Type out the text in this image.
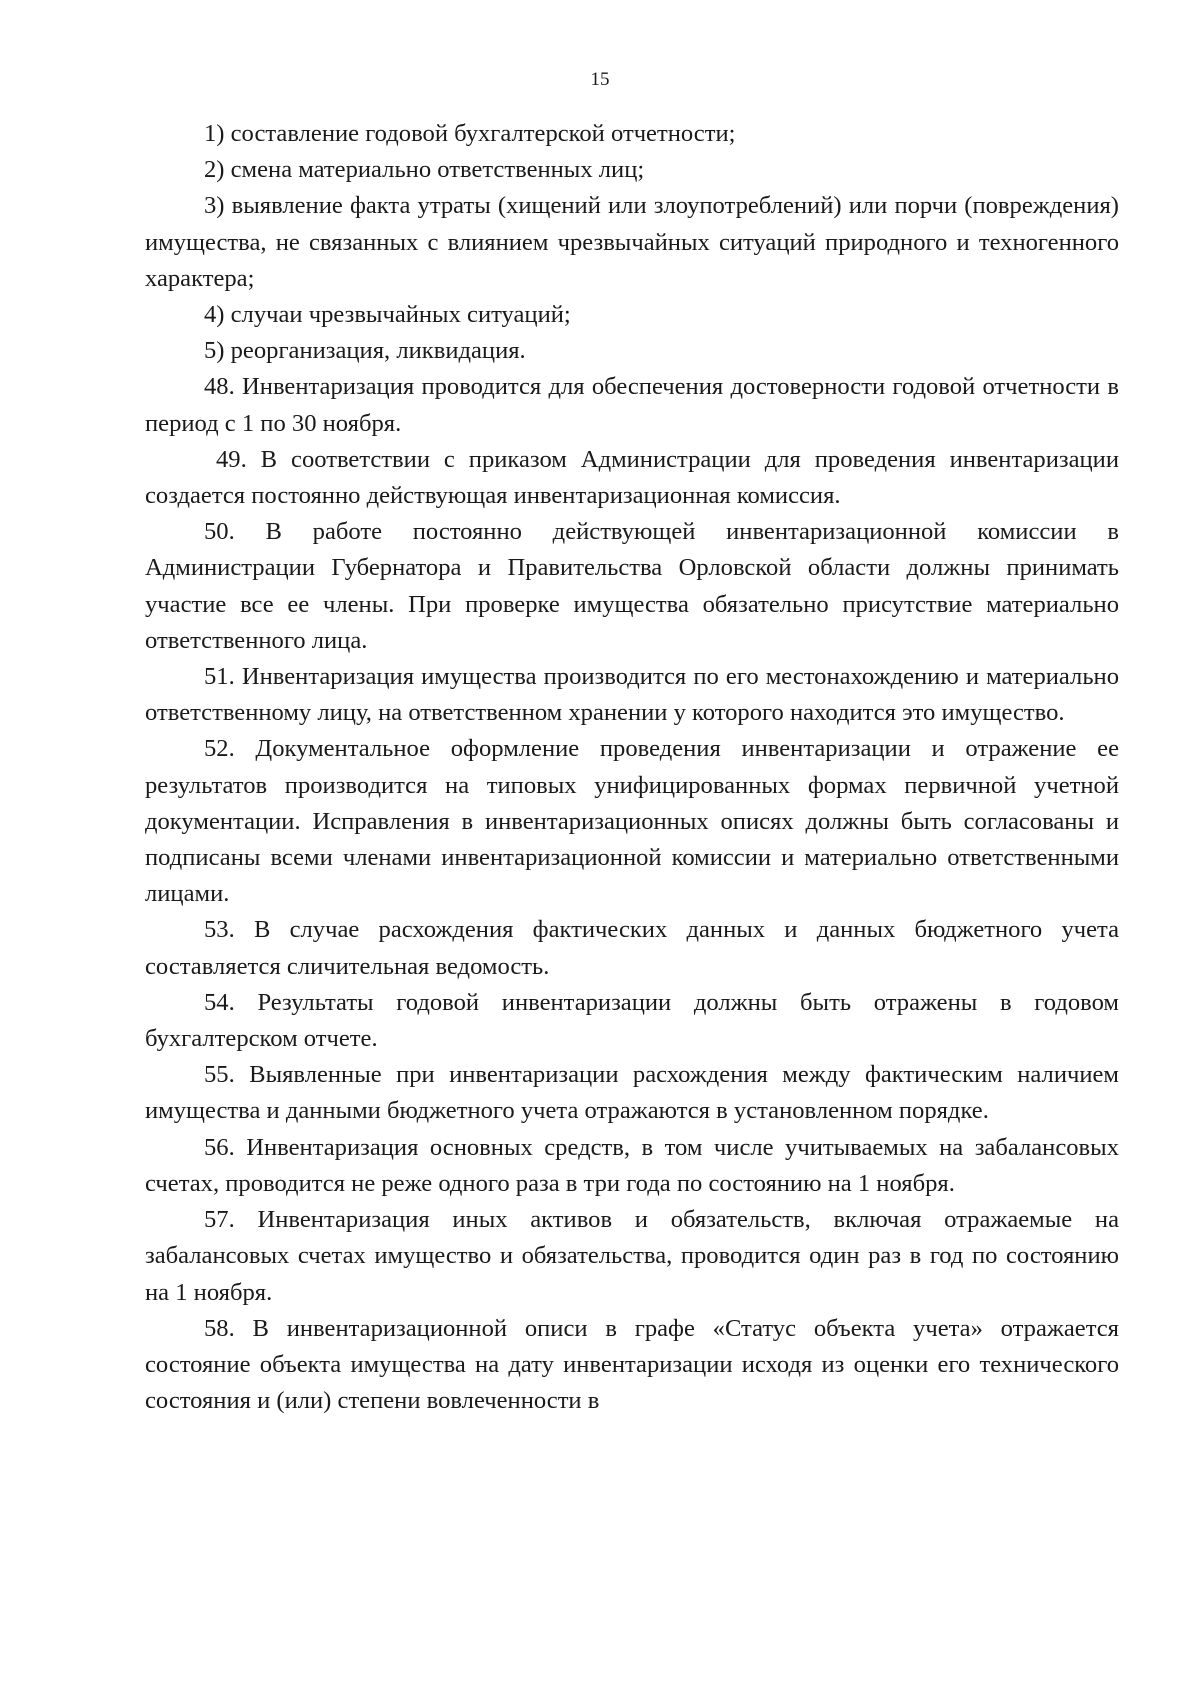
15

1) составление годовой бухгалтерской отчетности;

2) смена материально ответственных лиц;

3) выявление факта утраты (хищений или злоупотреблений) или порчи (повреждения) имущества, не связанных с влиянием чрезвычайных ситуаций природного и техногенного характера;

4) случаи чрезвычайных ситуаций;

5) реорганизация, ликвидация.

48. Инвентаризация проводится для обеспечения достоверности годовой отчетности в период с 1 по 30 ноября.

49. В соответствии с приказом Администрации для проведения инвентаризации создается постоянно действующая инвентаризационная комиссия.

50. В работе постоянно действующей инвентаризационной комиссии в Администрации Губернатора и Правительства Орловской области должны принимать участие все ее члены. При проверке имущества обязательно присутствие материально ответственного лица.

51. Инвентаризация имущества производится по его местонахождению и материально ответственному лицу, на ответственном хранении у которого находится это имущество.

52. Документальное оформление проведения инвентаризации и отражение ее результатов производится на типовых унифицированных формах первичной учетной документации. Исправления в инвентаризационных описях должны быть согласованы и подписаны всеми членами инвентаризационной комиссии и материально ответственными лицами.

53. В случае расхождения фактических данных и данных бюджетного учета составляется сличительная ведомость.

54. Результаты годовой инвентаризации должны быть отражены в годовом бухгалтерском отчете.

55. Выявленные при инвентаризации расхождения между фактическим наличием имущества и данными бюджетного учета отражаются в установленном порядке.

56. Инвентаризация основных средств, в том числе учитываемых на забалансовых счетах, проводится не реже одного раза в три года по состоянию на 1 ноября.

57. Инвентаризация иных активов и обязательств, включая отражаемые на забалансовых счетах имущество и обязательства, проводится один раз в год по состоянию на 1 ноября.

58. В инвентаризационной описи в графе «Статус объекта учета» отражается состояние объекта имущества на дату инвентаризации исходя из оценки его технического состояния и (или) степени вовлеченности в
